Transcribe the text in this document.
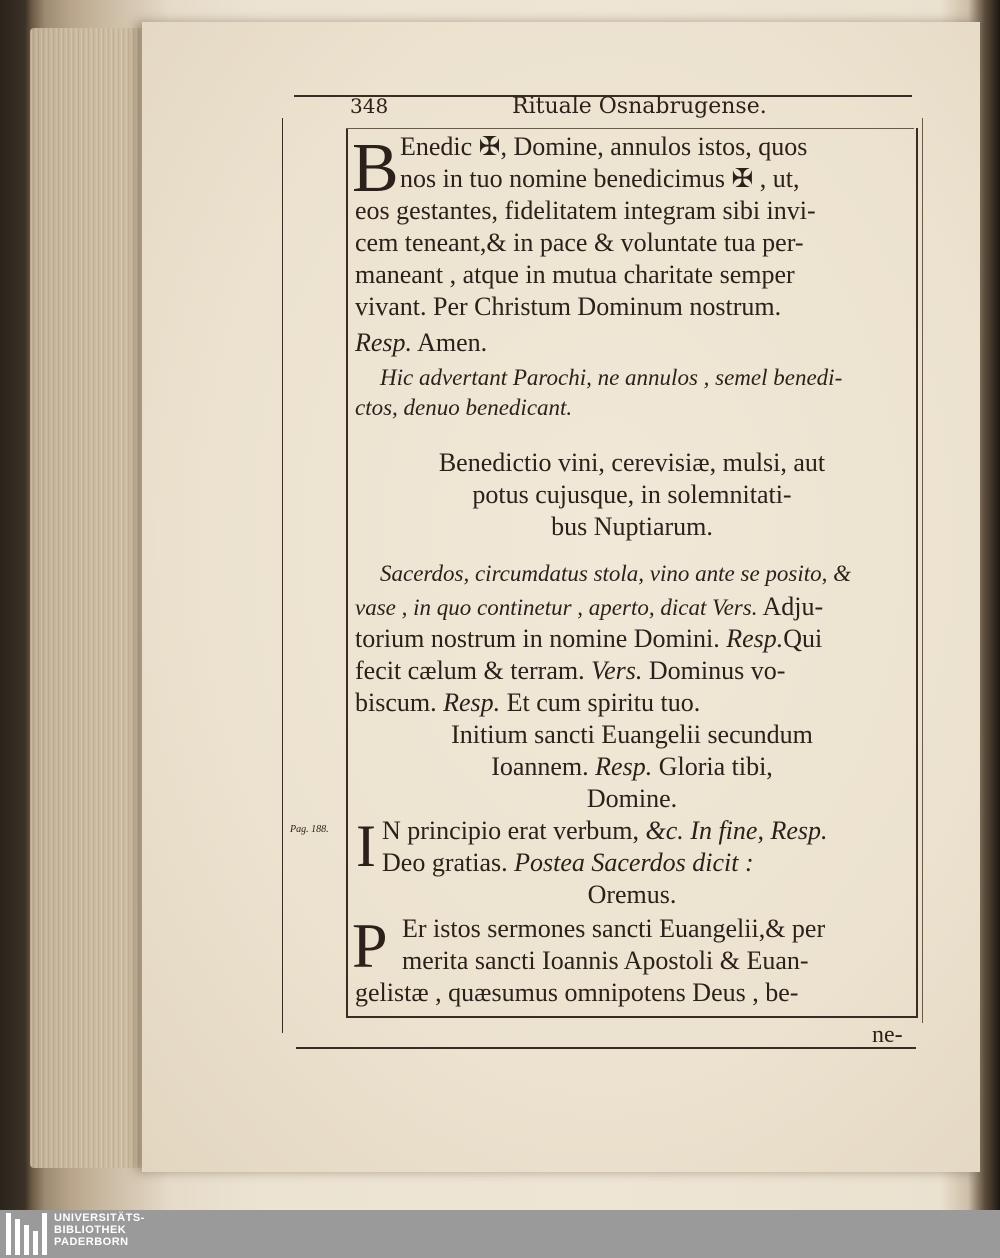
348	Rituale Osnabrugense.
B Enedic ✠, Domine, annulos istos, quos
nos in tuo nomine benedicimus ✠ , ut,
eos gestantes, fidelitatem integram sibi invi-
cem teneant,& in pace & voluntate tua per-
maneant , atque in mutua charitate semper
vivant. Per Christum Dominum nostrum.
Resp. Amen.
Hic advertant Parochi, ne annulos , semel benedi-
ctos, denuo benedicant.
Benedictio vini, cerevisiæ, mulsi, aut
potus cujusque, in solemnitati-
bus Nuptiarum.
Sacerdos, circumdatus stola, vino ante se posito, &
vase , in quo continetur , aperto, dicat Vers. Adju-
torium nostrum in nomine Domini. Resp.Qui
fecit cælum & terram. Vers. Dominus vo-
biscum. Resp. Et cum spiritu tuo.
Initium sancti Euangelii secundum
Ioannem. Resp. Gloria tibi,
Domine.
Pag. 188. I N principio erat verbum, &c. In fine, Resp.
Deo gratias. Postea Sacerdos dicit :
Oremus.
P Er istos sermones sancti Euangelii,& per
merita sancti Ioannis Apostoli & Euan-
gelistæ , quæsumus omnipotens Deus , be-
ne-
UNIVERSITÄTS-
BIBLIOTHEK
PADERBORN
